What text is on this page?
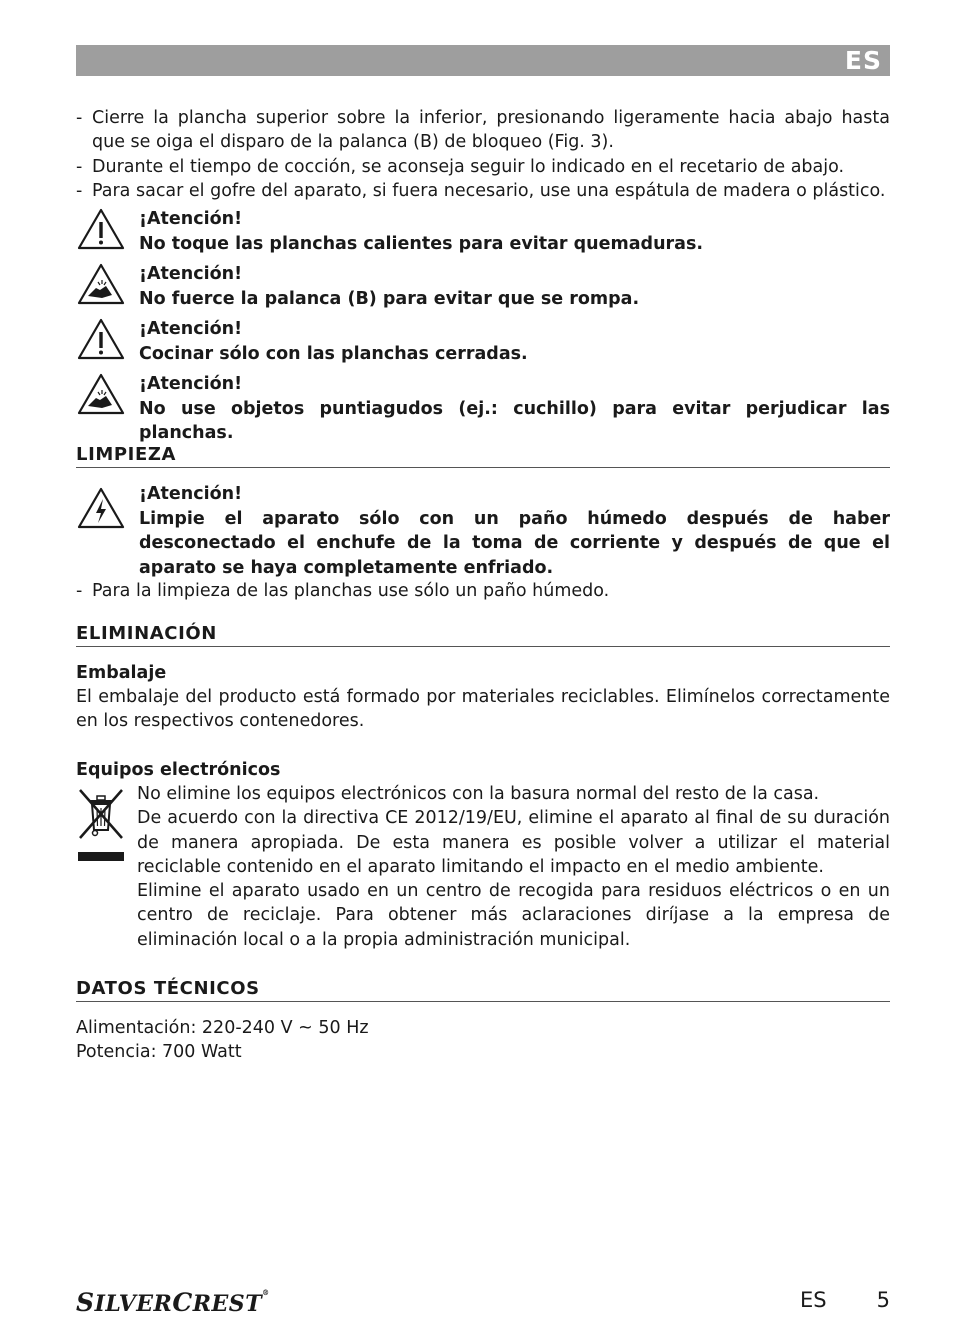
ES
- Cierre la plancha superior sobre la inferior, presionando ligeramente hacia abajo hasta que se oiga el disparo de la palanca (B) de bloqueo (Fig. 3).
- Durante el tiempo de cocción, se aconseja seguir lo indicado en el recetario de abajo.
- Para sacar el gofre del aparato, si fuera necesario, use una espátula de madera o plástico.
¡Atención!
No toque las planchas calientes para evitar quemaduras.
¡Atención!
No fuerce la palanca (B) para evitar que se rompa.
¡Atención!
Cocinar sólo con las planchas cerradas.
¡Atención!
No use objetos puntiagudos (ej.: cuchillo) para evitar perjudicar las planchas.
LIMPIEZA
¡Atención!
Limpie el aparato sólo con un paño húmedo después de haber desconectado el enchufe de la toma de corriente y después de que el aparato se haya completamente enfriado.
- Para la limpieza de las planchas use sólo un paño húmedo.
ELIMINACIÓN
Embalaje
El embalaje del producto está formado por materiales reciclables. Elimínelos correctamente en los respectivos contenedores.
Equipos electrónicos
No elimine los equipos electrónicos con la basura normal del resto de la casa.
De acuerdo con la directiva CE 2012/19/EU, elimine el aparato al final de su duración de manera apropiada. De esta manera es posible volver a utilizar el material reciclable contenido en el aparato limitando el impacto en el medio ambiente.
Elimine el aparato usado en un centro de recogida para residuos eléctricos o en un centro de reciclaje. Para obtener más aclaraciones diríjase a la empresa de eliminación local o a la propia administración municipal.
DATOS TÉCNICOS
Alimentación: 220-240 V ~ 50 Hz
Potencia: 700 Watt
SILVERCREST®	ES 5
